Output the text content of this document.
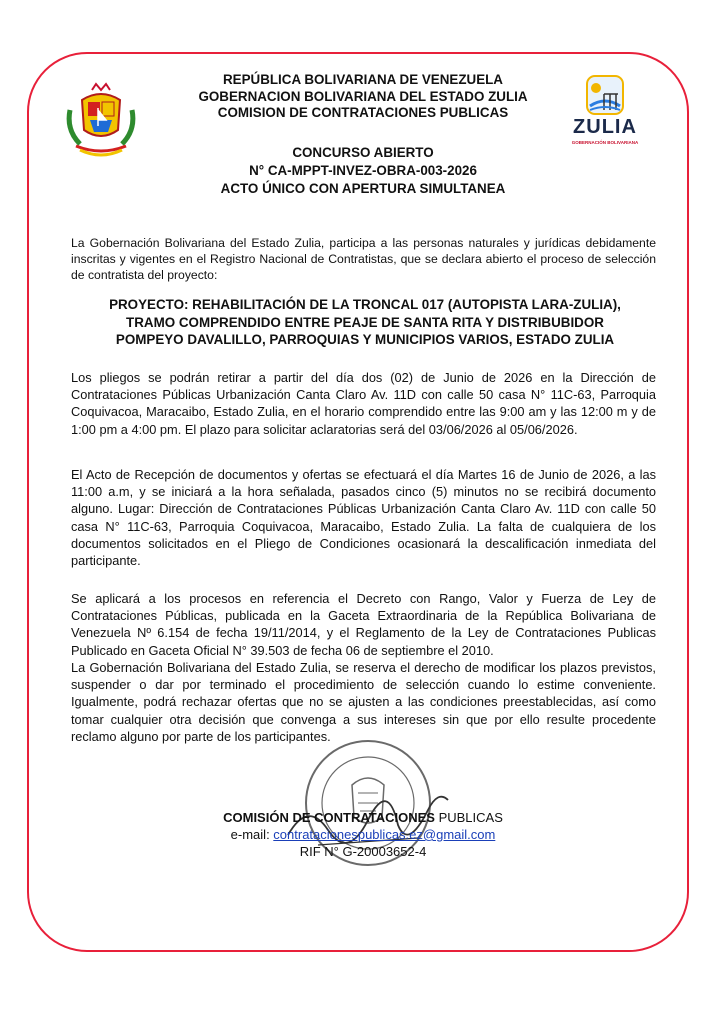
ZULIA
GOBERNACIÓN BOLIVARIANA
REPÚBLICA BOLIVARIANA DE VENEZUELA
GOBERNACION BOLIVARIANA DEL ESTADO ZULIA
COMISION DE CONTRATACIONES PUBLICAS
CONCURSO ABIERTO
N° CA-MPPT-INVEZ-OBRA-003-2026
ACTO ÚNICO CON APERTURA SIMULTANEA
La Gobernación Bolivariana del Estado Zulia, participa a las personas naturales y jurídicas debidamente inscritas y vigentes en el Registro Nacional de Contratistas, que se declara abierto el proceso de selección de contratista del proyecto:
PROYECTO: REHABILITACIÓN DE LA TRONCAL 017 (AUTOPISTA LARA-ZULIA),
TRAMO COMPRENDIDO ENTRE PEAJE DE SANTA RITA Y DISTRIBUBIDOR
POMPEYO DAVALILLO, PARROQUIAS Y MUNICIPIOS VARIOS, ESTADO ZULIA
Los pliegos se podrán retirar a partir del día dos (02) de Junio de 2026 en la Dirección de Contrataciones Públicas Urbanización Canta Claro Av. 11D con calle 50 casa N° 11C-63, Parroquia Coquivacoa, Maracaibo, Estado Zulia, en el horario comprendido entre las 9:00 am y las 12:00 m y de 1:00 pm a 4:00 pm. El plazo para solicitar aclaratorias será del 03/06/2026 al 05/06/2026.
El Acto de Recepción de documentos y ofertas se efectuará el día Martes 16 de Junio de 2026, a las 11:00 a.m, y se iniciará a la hora señalada, pasados cinco (5) minutos no se recibirá documento alguno. Lugar: Dirección de Contrataciones Públicas Urbanización Canta Claro Av. 11D con calle 50 casa N° 11C-63, Parroquia Coquivacoa, Maracaibo, Estado Zulia. La falta de cualquiera de los documentos solicitados en el Pliego de Condiciones ocasionará la descalificación inmediata del participante.
Se aplicará a los procesos en referencia el Decreto con Rango, Valor y Fuerza de Ley de Contrataciones Públicas, publicada en la Gaceta Extraordinaria de la República Bolivariana de Venezuela Nº 6.154 de fecha 19/11/2014, y el Reglamento de la Ley de Contrataciones Publicas Publicado en Gaceta Oficial N° 39.503 de fecha 06 de septiembre el 2010.
La Gobernación Bolivariana del Estado Zulia, se reserva el derecho de modificar los plazos previstos, suspender o dar por terminado el procedimiento de selección cuando lo estime conveniente. Igualmente, podrá rechazar ofertas que no se ajusten a las condiciones preestablecidas, así como tomar cualquier otra decisión que convenga a sus intereses sin que por ello resulte procedente reclamo alguno por parte de los participantes.
COMISIÓN DE CONTRATACIONES PUBLICAS
e-mail: contratacionespublicas.ez@gmail.com
RIF N° G-20003652-4
